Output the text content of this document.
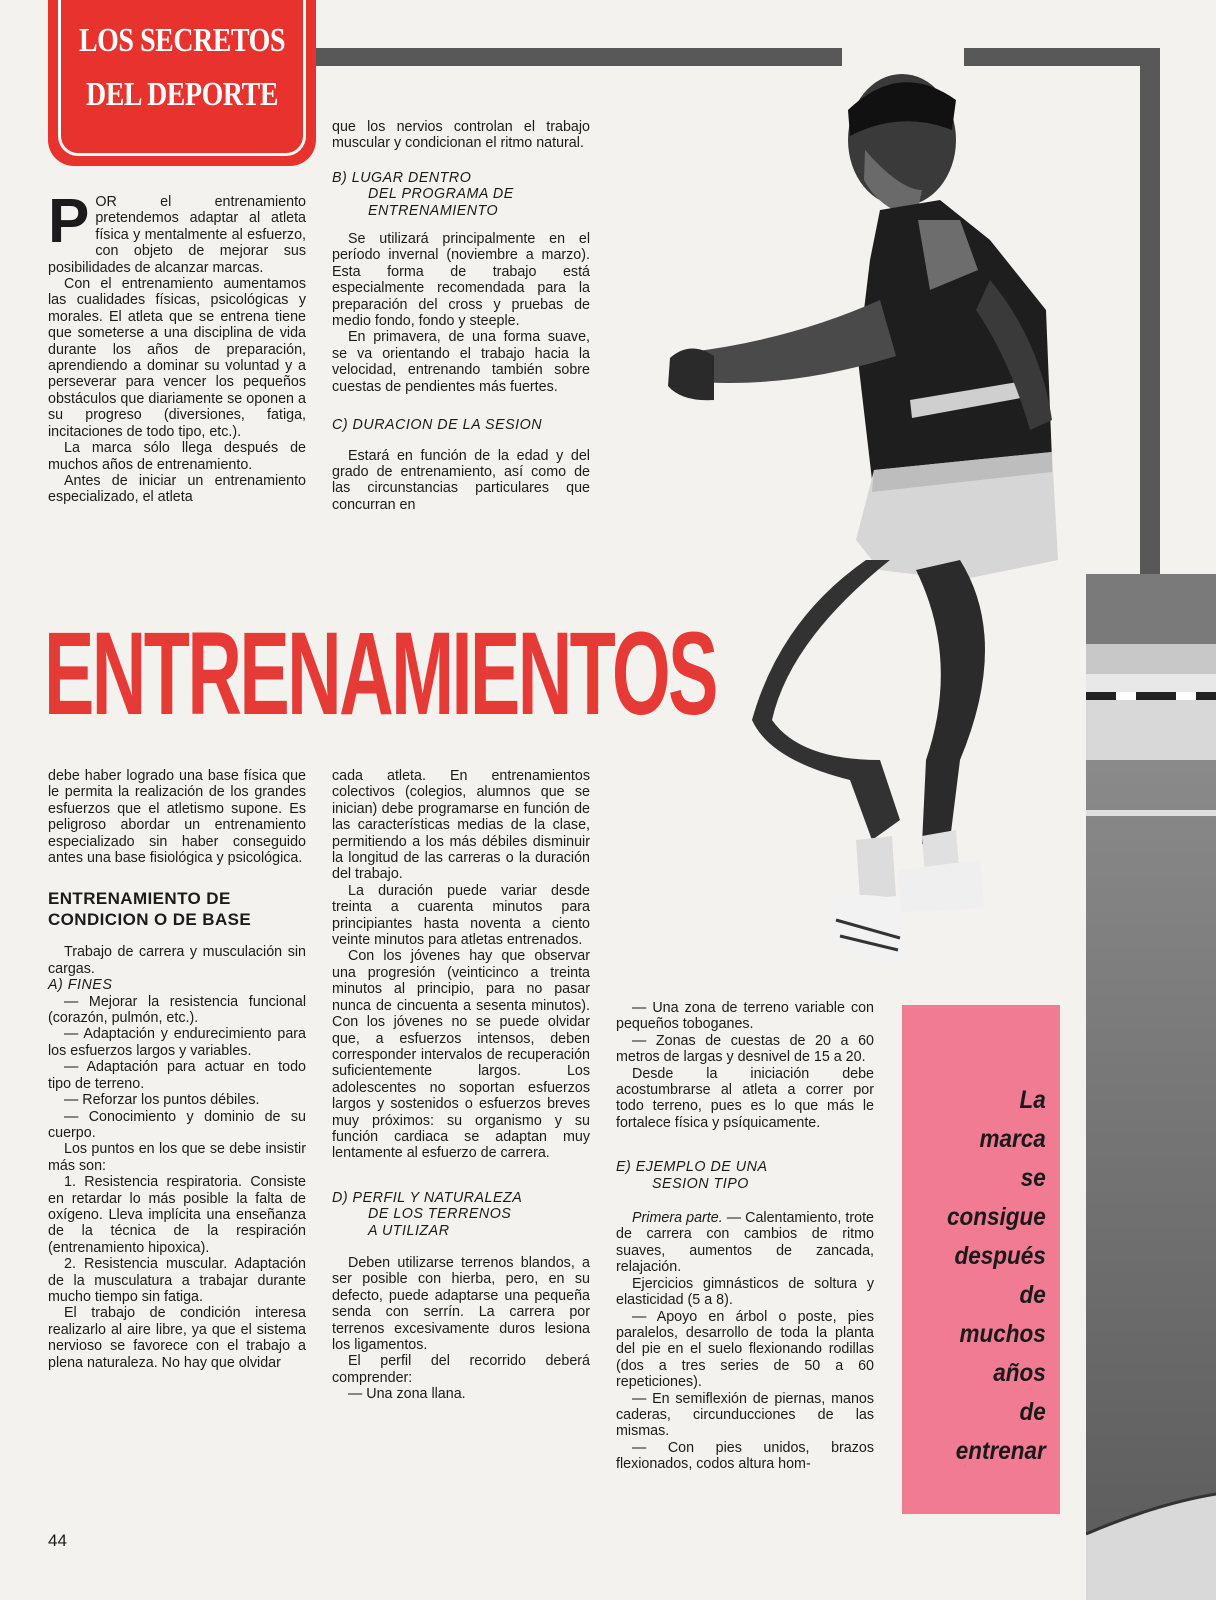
LOS SECRETOS
DEL DEPORTE

POR el entrenamiento pretendemos adaptar al atleta física y mentalmente al esfuerzo, con objeto de mejorar sus posibilidades de alcanzar marcas.

Con el entrenamiento aumentamos las cualidades físicas, psicológicas y morales. El atleta que se entrena tiene que someterse a una disciplina de vida durante los años de preparación, aprendiendo a dominar su voluntad y a perseverar para vencer los pequeños obstáculos que diariamente se oponen a su progreso (diversiones, fatiga, incitaciones de todo tipo, etc.).

La marca sólo llega después de muchos años de entrenamiento.

Antes de iniciar un entrenamiento especializado, el atleta

que los nervios controlan el trabajo muscular y condicionan el ritmo natural.

B) LUGAR DENTRO
DEL PROGRAMA DE
ENTRENAMIENTO

Se utilizará principalmente en el período invernal (noviembre a marzo). Esta forma de trabajo está especialmente recomendada para la preparación del cross y pruebas de medio fondo, fondo y steeple.

En primavera, de una forma suave, se va orientando el trabajo hacia la velocidad, entrenando también sobre cuestas de pendientes más fuertes.

C) DURACION DE LA SESION

Estará en función de la edad y del grado de entrenamiento, así como de las circunstancias particulares que concurran en

ENTRENAMIENTOS

debe haber logrado una base física que le permita la realización de los grandes esfuerzos que el atletismo supone. Es peligroso abordar un entrenamiento especializado sin haber conseguido antes una base fisiológica y psicológica.

ENTRENAMIENTO DE
CONDICION O DE BASE

Trabajo de carrera y musculación sin cargas.

A) FINES

— Mejorar la resistencia funcional (corazón, pulmón, etc.).

— Adaptación y endurecimiento para los esfuerzos largos y variables.

— Adaptación para actuar en todo tipo de terreno.

— Reforzar los puntos débiles.

— Conocimiento y dominio de su cuerpo.

Los puntos en los que se debe insistir más son:

1. Resistencia respiratoria. Consiste en retardar lo más posible la falta de oxígeno. Lleva implícita una enseñanza de la técnica de la respiración (entrenamiento hipoxica).

2. Resistencia muscular. Adaptación de la musculatura a trabajar durante mucho tiempo sin fatiga.

El trabajo de condición interesa realizarlo al aire libre, ya que el sistema nervioso se favorece con el trabajo a plena naturaleza. No hay que olvidar

cada atleta. En entrenamientos colectivos (colegios, alumnos que se inician) debe programarse en función de las características medias de la clase, permitiendo a los más débiles disminuir la longitud de las carreras o la duración del trabajo.

La duración puede variar desde treinta a cuarenta minutos para principiantes hasta noventa a ciento veinte minutos para atletas entrenados.

Con los jóvenes hay que observar una progresión (veinticinco a treinta minutos al principio, para no pasar nunca de cincuenta a sesenta minutos). Con los jóvenes no se puede olvidar que, a esfuerzos intensos, deben corresponder intervalos de recuperación suficientemente largos. Los adolescentes no soportan esfuerzos largos y sostenidos o esfuerzos breves muy próximos: su organismo y su función cardiaca se adaptan muy lentamente al esfuerzo de carrera.

D) PERFIL Y NATURALEZA
DE LOS TERRENOS
A UTILIZAR

Deben utilizarse terrenos blandos, a ser posible con hierba, pero, en su defecto, puede adaptarse una pequeña senda con serrín. La carrera por terrenos excesivamente duros lesiona los ligamentos.

El perfil del recorrido deberá comprender:

— Una zona llana.

— Una zona de terreno variable con pequeños toboganes.

— Zonas de cuestas de 20 a 60 metros de largas y desnivel de 15 a 20.

Desde la iniciación debe acostumbrarse al atleta a correr por todo terreno, pues es lo que más le fortalece física y psíquicamente.

E) EJEMPLO DE UNA
SESION TIPO

Primera parte. — Calentamiento, trote de carrera con cambios de ritmo suaves, aumentos de zancada, relajación.

Ejercicios gimnásticos de soltura y elasticidad (5 a 8).

— Apoyo en árbol o poste, pies paralelos, desarrollo de toda la planta del pie en el suelo flexionando rodillas (dos a tres series de 50 a 60 repeticiones).

— En semiflexión de piernas, manos caderas, circunducciones de las mismas.

— Con pies unidos, brazos flexionados, codos altura hom-

La
marca
se
consigue
después
de
muchos
años
de
entrenar
44
